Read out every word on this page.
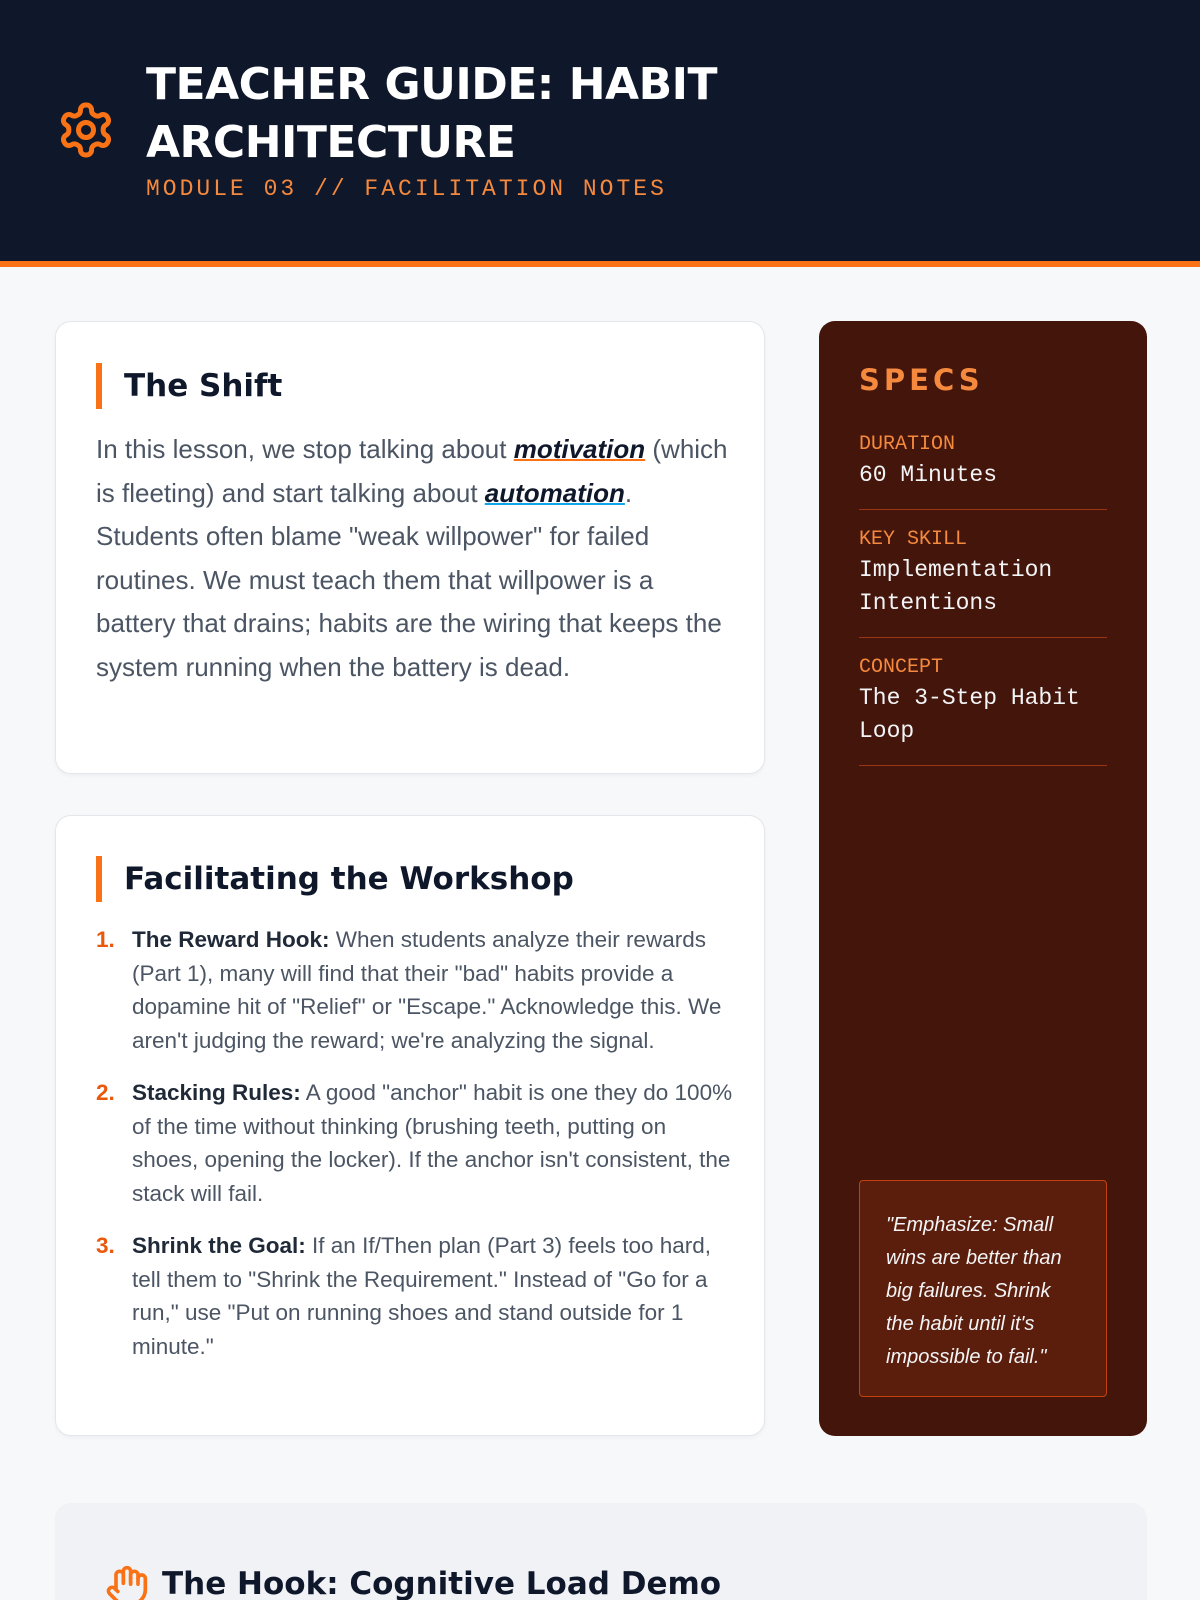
TEACHER GUIDE: HABIT ARCHITECTURE
MODULE 03 // FACILITATION NOTES
The Shift

In this lesson, we stop talking about motivation (which is fleeting) and start talking about automation. Students often blame "weak willpower" for failed routines. We must teach them that willpower is a battery that drains; habits are the wiring that keeps the system running when the battery is dead.

Facilitating the Workshop
1. The Reward Hook: When students analyze their rewards (Part 1), many will find that their "bad" habits provide a dopamine hit of "Relief" or "Escape." Acknowledge this. We aren't judging the reward; we're analyzing the signal.
2. Stacking Rules: A good "anchor" habit is one they do 100% of the time without thinking (brushing teeth, putting on shoes, opening the locker). If the anchor isn't consistent, the stack will fail.
3. Shrink the Goal: If an If/Then plan (Part 3) feels too hard, tell them to "Shrink the Requirement." Instead of "Go for a run," use "Put on running shoes and stand outside for 1 minute."
SPECS
DURATION
60 Minutes
KEY SKILL
Implementation Intentions
CONCEPT
The 3-Step Habit Loop
"Emphasize: Small wins are better than big failures. Shrink the habit until it's impossible to fail."
The Hook: Cognitive Load Demo
